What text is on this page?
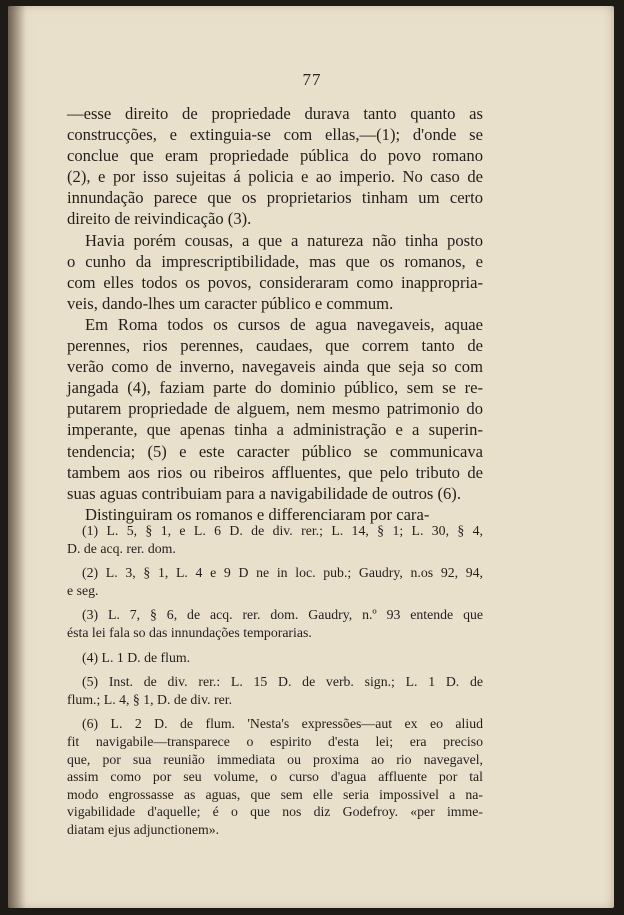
77
—esse direito de propriedade durava tanto quanto as
construcções, e extinguia-se com ellas,—(1); d'onde se
conclue que eram propriedade pública do povo romano
(2), e por isso sujeitas á policia e ao imperio. No caso de
innundação parece que os proprietarios tinham um certo
direito de reivindicação (3).
Havia porém cousas, a que a natureza não tinha posto
o cunho da imprescriptibilidade, mas que os romanos, e
com elles todos os povos, consideraram como inappropria-
veis, dando-lhes um caracter público e commum.
Em Roma todos os cursos de agua navegaveis, aquae
perennes, rios perennes, caudaes, que correm tanto de
verão como de inverno, navegaveis ainda que seja so com
jangada (4), faziam parte do dominio público, sem se re-
putarem propriedade de alguem, nem mesmo patrimonio do
imperante, que apenas tinha a administração e a superin-
tendencia; (5) e este caracter público se communicava
tambem aos rios ou ribeiros affluentes, que pelo tributo de
suas aguas contribuiam para a navigabilidade de outros (6).
Distinguiram os romanos e differenciaram por cara-
(1) L. 5, § 1, e L. 6 D. de div. rer.; L. 14, § 1; L. 30, § 4,
D. de acq. rer. dom.
(2) L. 3, § 1, L. 4 e 9 D ne in loc. pub.; Gaudry, n.os 92, 94,
e seg.
(3) L. 7, § 6, de acq. rer. dom. Gaudry, n.º 93 entende que
ésta lei fala so das innundações temporarias.
(4) L. 1 D. de flum.
(5) Inst. de div. rer.: L. 15 D. de verb. sign.; L. 1 D. de
flum.; L. 4, § 1, D. de div. rer.
(6) L. 2 D. de flum. 'Nesta's expressões—aut ex eo aliud
fit navigabile—transparece o espirito d'esta lei; era preciso
que, por sua reunião immediata ou proxima ao rio navegavel,
assim como por seu volume, o curso d'agua affluente por tal
modo engrossasse as aguas, que sem elle seria impossivel a na-
vigabilidade d'aquelle; é o que nos diz Godefroy. «per imme-
diatam ejus adjunctionem».
